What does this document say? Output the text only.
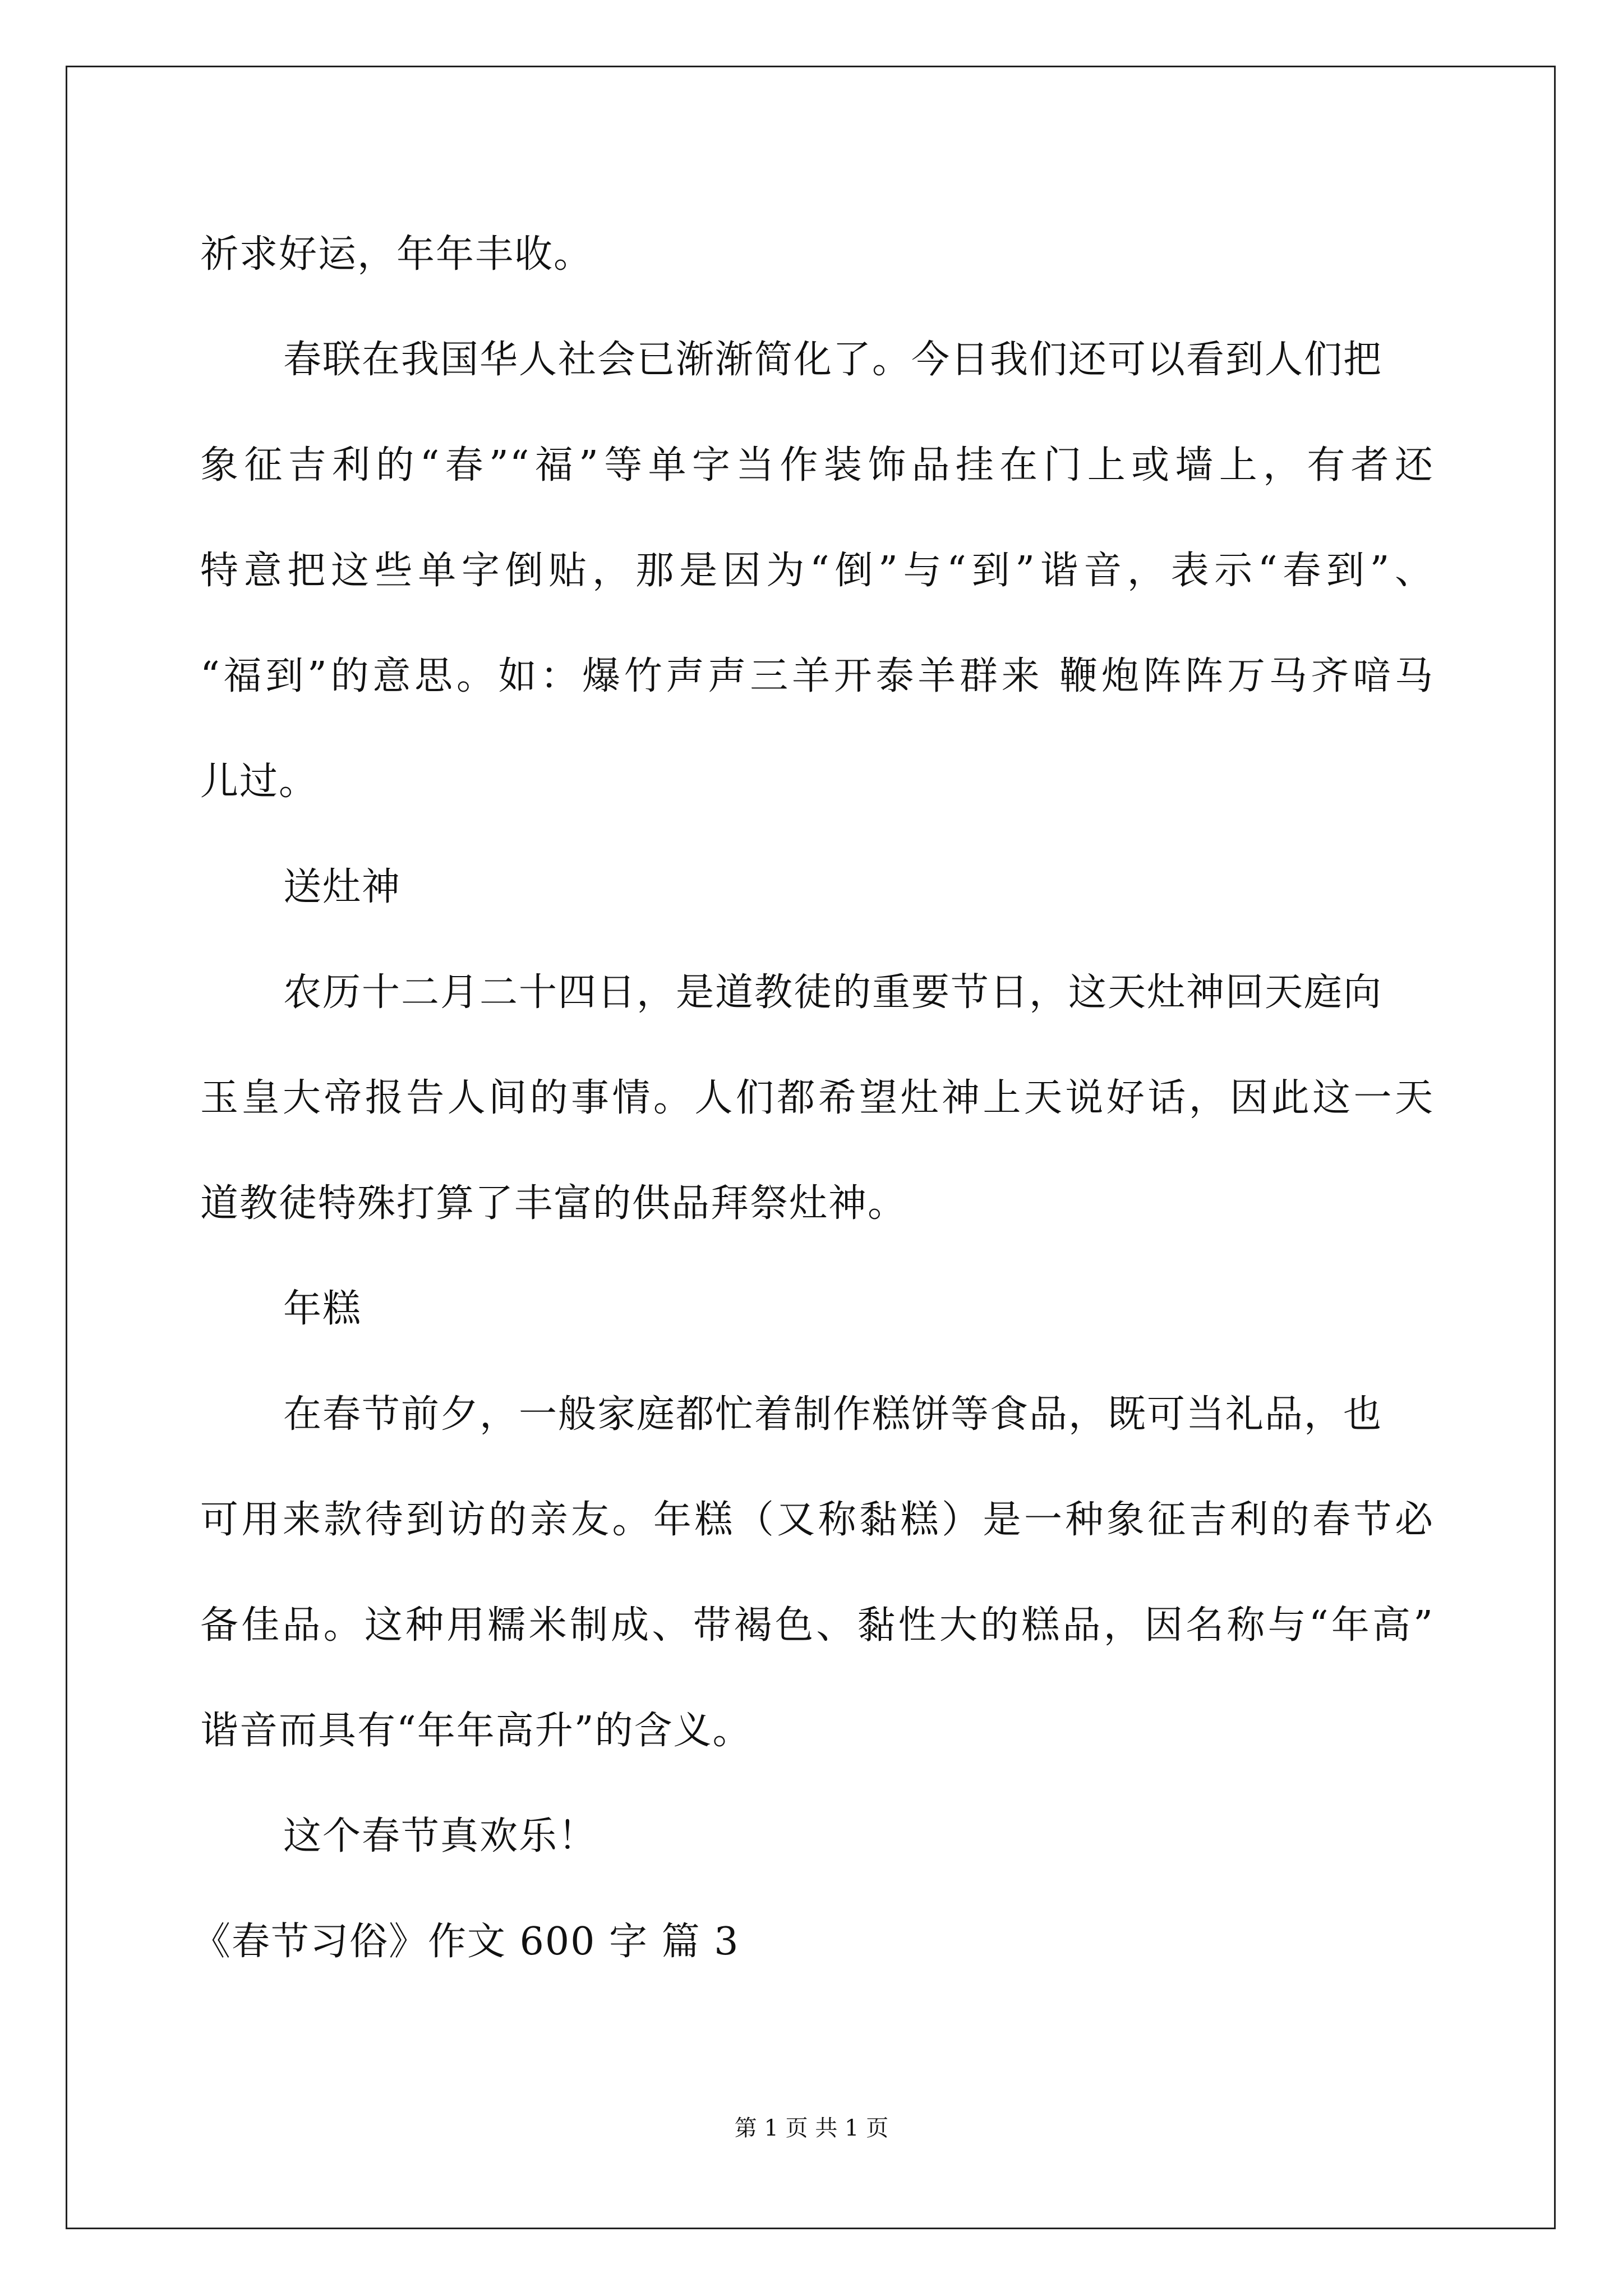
祈求好运，年年丰收。
春联在我国华人社会已渐渐简化了。今日我们还可以看到人们把
象征吉利的“春”“福”等单字当作装饰品挂在门上或墙上，有者还
特意把这些单字倒贴，那是因为“倒”与“到”谐音，表示“春到”、
“福到”的意思。如：爆竹声声三羊开泰羊群来 鞭炮阵阵万马齐喑马
儿过。
送灶神
农历十二月二十四日，是道教徒的重要节日，这天灶神回天庭向
玉皇大帝报告人间的事情。人们都希望灶神上天说好话，因此这一天
道教徒特殊打算了丰富的供品拜祭灶神。
年糕
在春节前夕，一般家庭都忙着制作糕饼等食品，既可当礼品，也
可用来款待到访的亲友。年糕（又称黏糕）是一种象征吉利的春节必
备佳品。这种用糯米制成、带褐色、黏性大的糕品，因名称与“年高”
谐音而具有“年年高升”的含义。
这个春节真欢乐！
《春节习俗》作文 600 字 篇 3
第 1 页 共 1 页
